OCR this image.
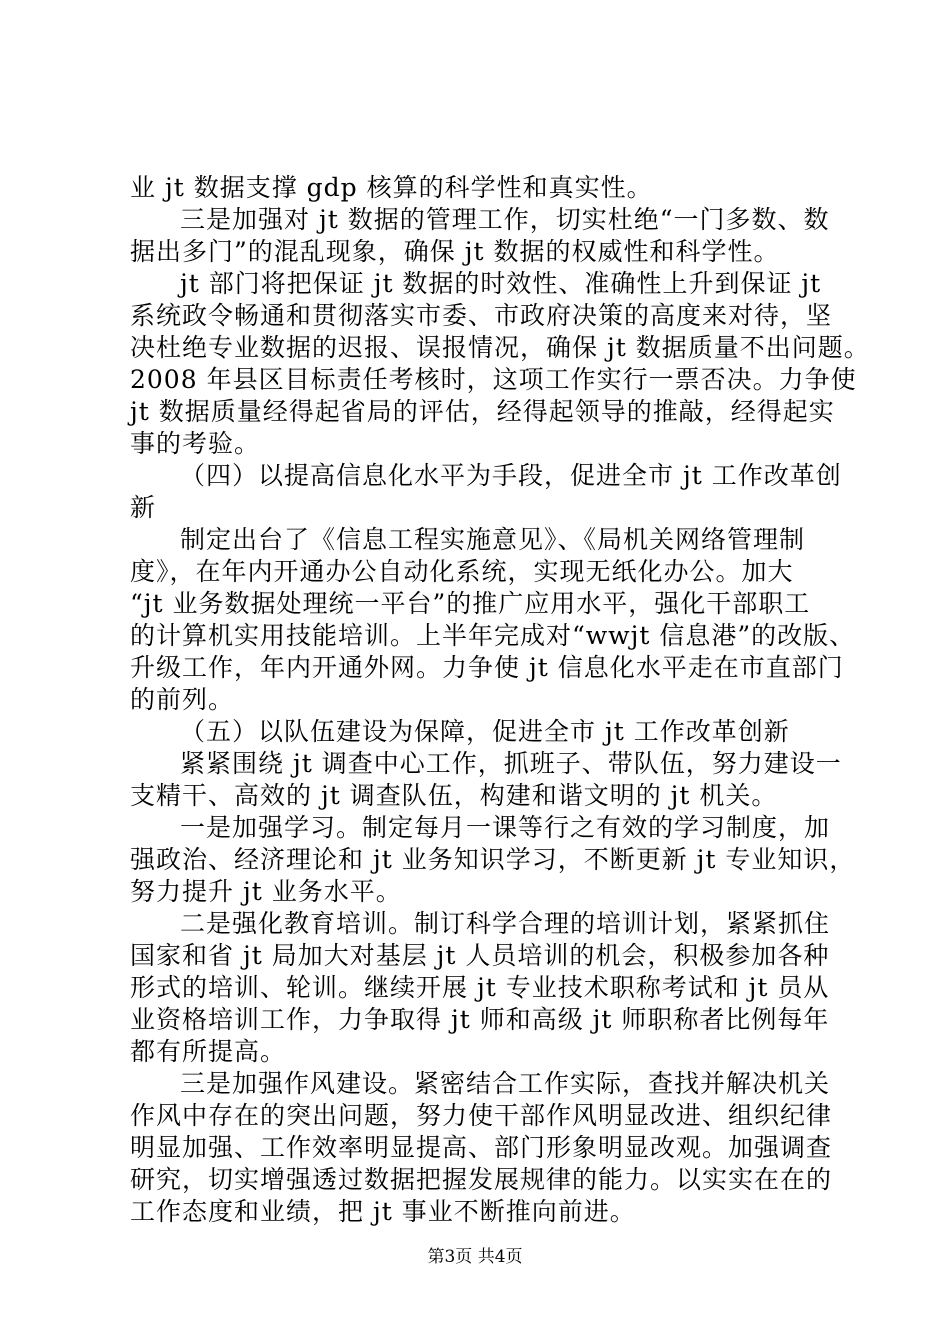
业 jt 数据支撑 gdp 核算的科学性和真实性。
三是加强对 jt 数据的管理工作，切实杜绝“一门多数、数
据出多门”的混乱现象，确保 jt 数据的权威性和科学性。
jt 部门将把保证 jt 数据的时效性、准确性上升到保证 jt
系统政令畅通和贯彻落实市委、市政府决策的高度来对待，坚
决杜绝专业数据的迟报、误报情况，确保 jt 数据质量不出问题。
2008 年县区目标责任考核时，这项工作实行一票否决。力争使
jt 数据质量经得起省局的评估，经得起领导的推敲，经得起实
事的考验。
（四）以提高信息化水平为手段，促进全市 jt 工作改革创
新
制定出台了《信息工程实施意见》、《局机关网络管理制
度》，在年内开通办公自动化系统，实现无纸化办公。加大
“jt 业务数据处理统一平台”的推广应用水平，强化干部职工
的计算机实用技能培训。上半年完成对“wwjt 信息港”的改版、
升级工作，年内开通外网。力争使 jt 信息化水平走在市直部门
的前列。
（五）以队伍建设为保障，促进全市 jt 工作改革创新
紧紧围绕 jt 调查中心工作，抓班子、带队伍，努力建设一
支精干、高效的 jt 调查队伍，构建和谐文明的 jt 机关。
一是加强学习。制定每月一课等行之有效的学习制度，加
强政治、经济理论和 jt 业务知识学习，不断更新 jt 专业知识，
努力提升 jt 业务水平。
二是强化教育培训。制订科学合理的培训计划，紧紧抓住
国家和省 jt 局加大对基层 jt 人员培训的机会，积极参加各种
形式的培训、轮训。继续开展 jt 专业技术职称考试和 jt 员从
业资格培训工作，力争取得 jt 师和高级 jt 师职称者比例每年
都有所提高。
三是加强作风建设。紧密结合工作实际，查找并解决机关
作风中存在的突出问题，努力使干部作风明显改进、组织纪律
明显加强、工作效率明显提高、部门形象明显改观。加强调查
研究，切实增强透过数据把握发展规律的能力。以实实在在的
工作态度和业绩，把 jt 事业不断推向前进。
第3页 共4页
